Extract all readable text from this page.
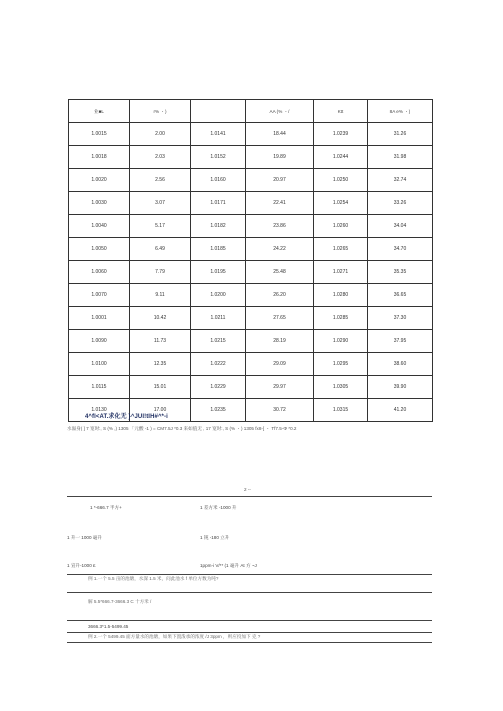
业■L	r% ・)		AA (% ・/	Ktt	8A e% ・)
1.0015	2.00	1.0141	18.44	1.0239	31.26
1.0018	2.03	1.0152	19.89	1.0244	31.98
1.0020	2.56	1.0160	20.97	1.0250	32.74
1.0030	3.07	1.0171	22.41	1.0254	33.26
1.0040	5.17	1.0182	23.86	1.0260	34.04
1.0050	6.49	1.0185	24.22	1.0265	34.70
1.0060	7.79	1.0195	25.48	1.0271	35.35
1.0070	9.11	1.0200	26.20	1.0280	36.65
1.0001	10.42	1.0211	27.65	1.0285	37.30
1.0090	11.73	1.0215	28.19	1.0290	37.95
1.0100	12.35	1.0222	29.09	1.0295	38.60
1.0115	15.01	1.0229	29.97	1.0305	39.90
1.0130	17.00	1.0235	30.72	1.0315	41.20
4^fl<AT.求化无 }^JUI!tIH#^*-i
水溢身( ] 7 宽时:, S (% ,) 1305 「元酸 -1 ) = CM7.5J *0.3 来如值无 , 17 宽时:, S (% ・) 1305 fx8-[ ・ Tf7.5-Φ *0.2
2 --
1 *-666.7 半方+	1 差方米 -1000 升
1 升一 1000 毫升	1 钝 -180 立升
1 宣升-1000 £	1ppm-i V/** (1 毫升 At 方 ~J
例 1.一个 5.5 亩的池塘，水深 1.5 米，问此池水 f 单位方数为吨?
解 5.5*666.7-3666.3 C 十方米 /
3666.3*1.5-5499.45
例 2.一个 5499.45 面方量水的池塘，如果下置泼承的浓度 /J 3ppm ，则应投加下 克 ?
